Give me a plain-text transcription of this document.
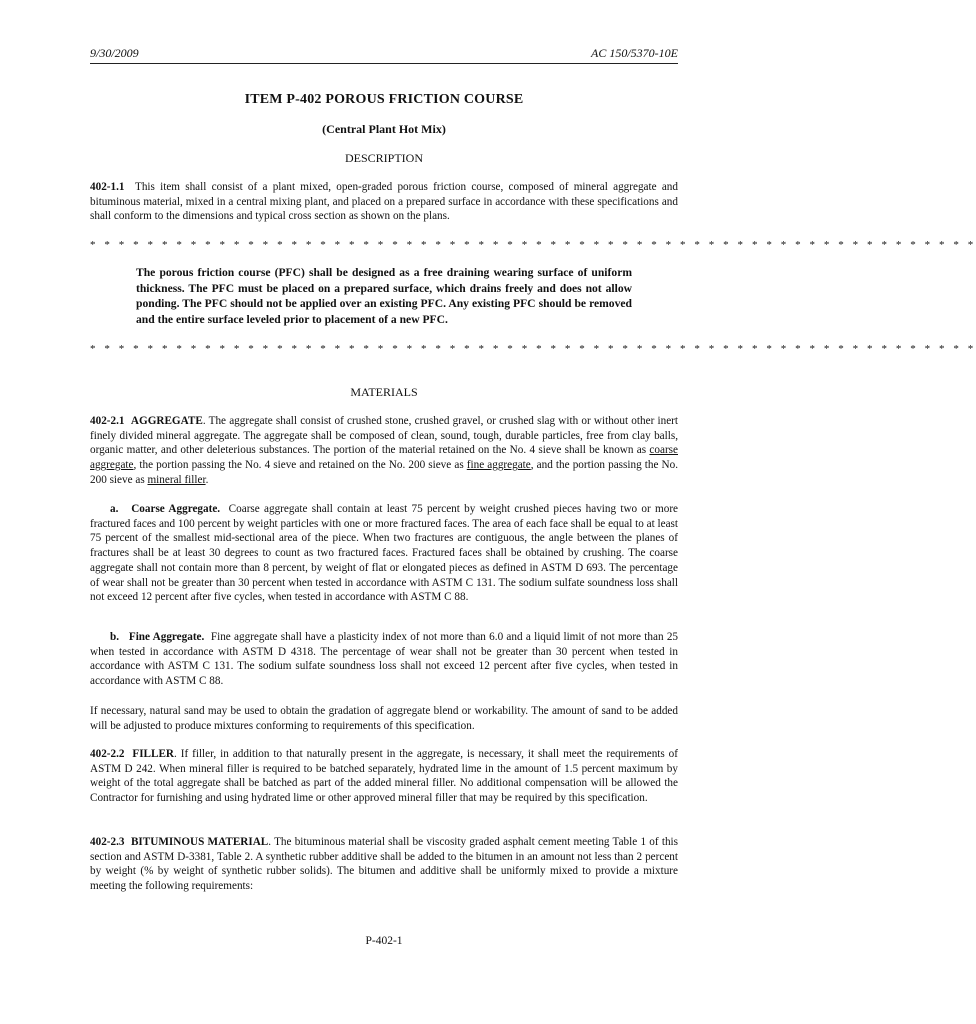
9/30/2009	AC 150/5370-10E
ITEM P-402 POROUS FRICTION COURSE
(Central Plant Hot Mix)
DESCRIPTION

402-1.1 This item shall consist of a plant mixed, open-graded porous friction course, composed of mineral aggregate and bituminous material, mixed in a central mixing plant, and placed on a prepared surface in accordance with these specifications and shall conform to the dimensions and typical cross section as shown on the plans.

* * * * * * * * * * * * * * * * * * * * * * * * * * * * * * * * * * * * * * * * * * * * * * * * * * * * * * * * * * * * * *

The porous friction course (PFC) shall be designed as a free draining wearing surface of uniform thickness. The PFC must be placed on a prepared surface, which drains freely and does not allow ponding. The PFC should not be applied over an existing PFC. Any existing PFC should be removed and the entire surface leveled prior to placement of a new PFC.

* * * * * * * * * * * * * * * * * * * * * * * * * * * * * * * * * * * * * * * * * * * * * * * * * * * * * * * * * * * * * *
MATERIALS

402-2.1 AGGREGATE. The aggregate shall consist of crushed stone, crushed gravel, or crushed slag with or without other inert finely divided mineral aggregate. The aggregate shall be composed of clean, sound, tough, durable particles, free from clay balls, organic matter, and other deleterious substances. The portion of the material retained on the No. 4 sieve shall be known as coarse aggregate, the portion passing the No. 4 sieve and retained on the No. 200 sieve as fine aggregate, and the portion passing the No. 200 sieve as mineral filler.

a. Coarse Aggregate. Coarse aggregate shall contain at least 75 percent by weight crushed pieces having two or more fractured faces and 100 percent by weight particles with one or more fractured faces. The area of each face shall be equal to at least 75 percent of the smallest mid-sectional area of the piece. When two fractures are contiguous, the angle between the planes of fractures shall be at least 30 degrees to count as two fractured faces. Fractured faces shall be obtained by crushing. The coarse aggregate shall not contain more than 8 percent, by weight of flat or elongated pieces as defined in ASTM D 693. The percentage of wear shall not be greater than 30 percent when tested in accordance with ASTM C 131. The sodium sulfate soundness loss shall not exceed 12 percent after five cycles, when tested in accordance with ASTM C 88.

b. Fine Aggregate. Fine aggregate shall have a plasticity index of not more than 6.0 and a liquid limit of not more than 25 when tested in accordance with ASTM D 4318. The percentage of wear shall not be greater than 30 percent when tested in accordance with ASTM C 131. The sodium sulfate soundness loss shall not exceed 12 percent after five cycles, when tested in accordance with ASTM C 88.

If necessary, natural sand may be used to obtain the gradation of aggregate blend or workability. The amount of sand to be added will be adjusted to produce mixtures conforming to requirements of this specification.

402-2.2 FILLER. If filler, in addition to that naturally present in the aggregate, is necessary, it shall meet the requirements of ASTM D 242. When mineral filler is required to be batched separately, hydrated lime in the amount of 1.5 percent maximum by weight of the total aggregate shall be batched as part of the added mineral filler. No additional compensation will be allowed the Contractor for furnishing and using hydrated lime or other approved mineral filler that may be required by this specification.

402-2.3 BITUMINOUS MATERIAL. The bituminous material shall be viscosity graded asphalt cement meeting Table 1 of this section and ASTM D-3381, Table 2. A synthetic rubber additive shall be added to the bitumen in an amount not less than 2 percent by weight (% by weight of synthetic rubber solids). The bitumen and additive shall be uniformly mixed to provide a mixture meeting the following requirements:

P-402-1
